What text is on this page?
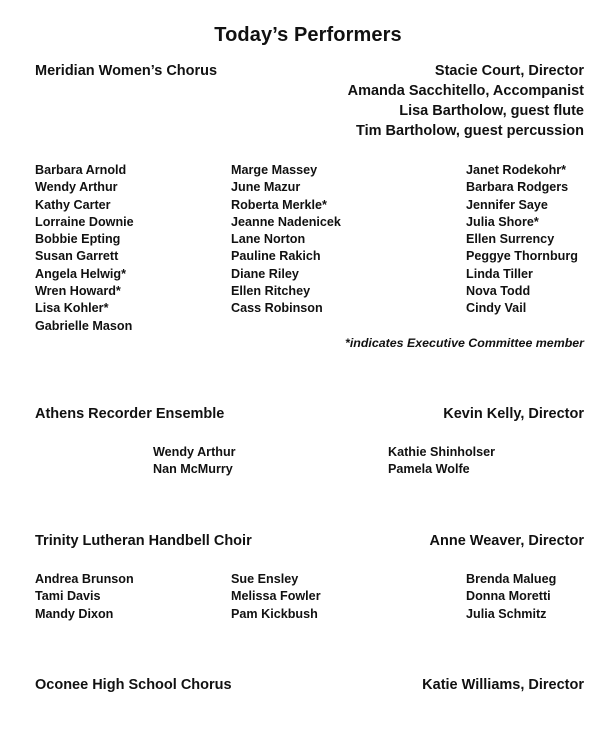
Today’s Performers
Meridian Women’s Chorus	Stacie Court, Director
Amanda Sacchitello, Accompanist
Lisa Bartholow, guest flute
Tim Bartholow, guest percussion
Barbara Arnold
Wendy Arthur
Kathy Carter
Lorraine Downie
Bobbie Epting
Susan Garrett
Angela Helwig*
Wren Howard*
Lisa Kohler*
Gabrielle Mason
Marge Massey
June Mazur
Roberta Merkle*
Jeanne Nadenicek
Lane Norton
Pauline Rakich
Diane Riley
Ellen Ritchey
Cass Robinson
Janet Rodekohr*
Barbara Rodgers
Jennifer Saye
Julia Shore*
Ellen Surrency
Peggye Thornburg
Linda Tiller
Nova Todd
Cindy Vail
*indicates Executive Committee member
Athens Recorder Ensemble	Kevin Kelly, Director
Wendy Arthur
Nan McMurry
Kathie Shinholser
Pamela Wolfe
Trinity Lutheran Handbell Choir	Anne Weaver, Director
Andrea Brunson
Tami Davis
Mandy Dixon
Sue Ensley
Melissa Fowler
Pam Kickbush
Brenda Malueg
Donna Moretti
Julia Schmitz
Oconee High School Chorus	Katie Williams, Director
